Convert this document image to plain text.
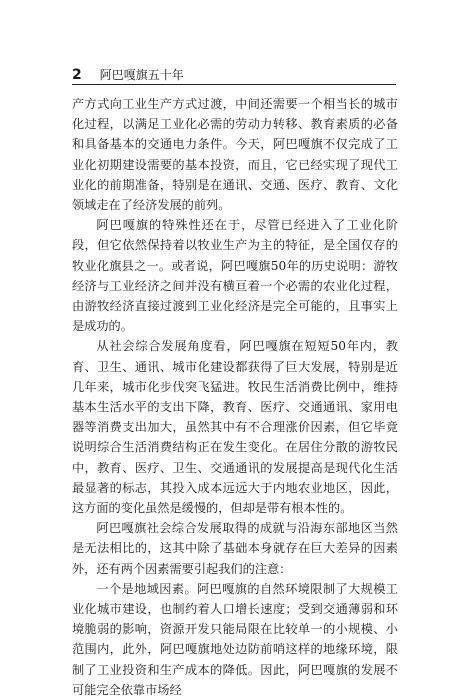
2 阿巴嘎旗五十年

产方式向工业生产方式过渡，中间还需要一个相当长的城市化过程，以满足工业化必需的劳动力转移、教育素质的必备和具备基本的交通电力条件。今天，阿巴嘎旗不仅完成了工业化初期建设需要的基本投资，而且，它已经实现了现代工业化的前期准备，特别是在通讯、交通、医疗、教育、文化领域走在了经济发展的前列。

阿巴嘎旗的特殊性还在于，尽管已经进入了工业化阶段，但它依然保持着以牧业生产为主的特征，是全国仅存的牧业化旗县之一。或者说，阿巴嘎旗50年的历史说明：游牧经济与工业经济之间并没有横亘着一个必需的农业化过程，由游牧经济直接过渡到工业化经济是完全可能的，且事实上是成功的。

从社会综合发展角度看，阿巴嘎旗在短短50年内，教育、卫生、通讯、城市化建设都获得了巨大发展，特别是近几年来，城市化步伐突飞猛进。牧民生活消费比例中，维持基本生活水平的支出下降，教育、医疗、交通通讯、家用电器等消费支出加大，虽然其中有不合理涨价因素，但它毕竟说明综合生活消费结构正在发生变化。在居住分散的游牧民中，教育、医疗、卫生、交通通讯的发展提高是现代化生活最显著的标志，其投入成本远远大于内地农业地区，因此，这方面的变化虽然是缓慢的，但却是带有根本性的。

阿巴嘎旗社会综合发展取得的成就与沿海东部地区当然是无法相比的，这其中除了基础本身就存在巨大差异的因素外，还有两个因素需要引起我们的注意：

一个是地域因素。阿巴嘎旗的自然环境限制了大规模工业化城市建设，也制约着人口增长速度；受到交通薄弱和环境脆弱的影响，资源开发只能局限在比较单一的小规模、小范围内，此外，阿巴嘎旗地处边防前哨这样的地缘环境，限制了工业投资和生产成本的降低。因此，阿巴嘎旗的发展不可能完全依靠市场经
